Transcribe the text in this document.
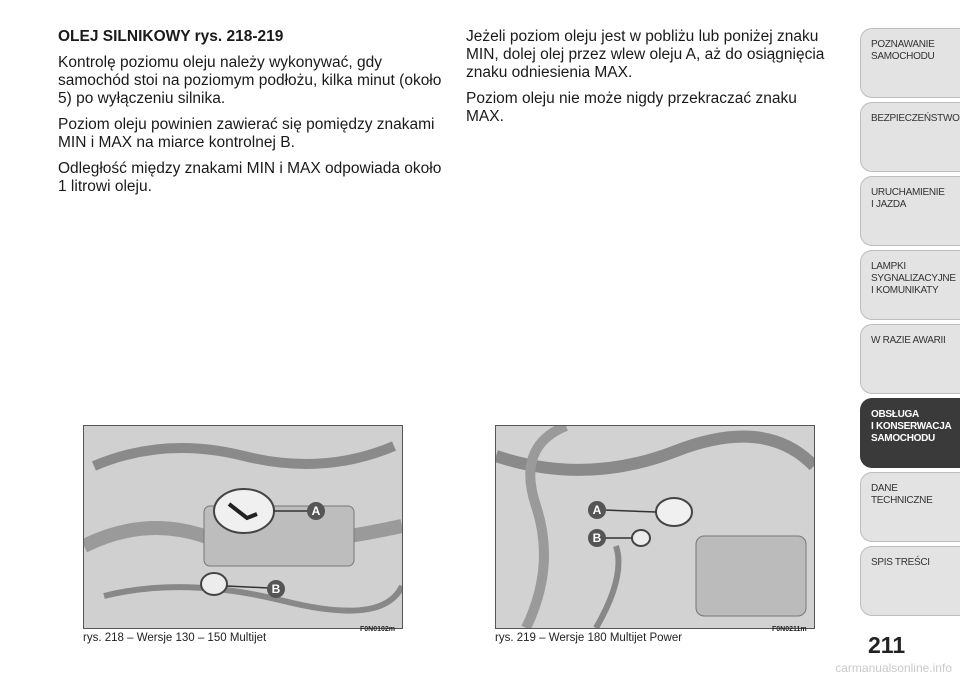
OLEJ SILNIKOWY rys. 218-219

Kontrolę poziomu oleju należy wykonywać, gdy samochód stoi na poziomym podłożu, kilka minut (około 5) po wyłączeniu silnika.

Poziom oleju powinien zawierać się pomiędzy znakami MIN i MAX na miarce kontrolnej B.

Odległość między znakami MIN i MAX odpowiada około 1 litrowi oleju.

Jeżeli poziom oleju jest w pobliżu lub poniżej znaku MIN, dolej olej przez wlew oleju A, aż do osiągnięcia znaku odniesienia MAX.

Poziom oleju nie może nigdy przekraczać znaku MAX.

A
B
rys. 218 – Wersje 130 – 150 Multijet
F0N0102m
A
B
rys. 219 – Wersje 180 Multijet Power
F0N0211m
POZNAWANIE
SAMOCHODU
BEZPIECZEŃSTWO
URUCHAMIENIE
I JAZDA
LAMPKI
SYGNALIZACYJNE
I KOMUNIKATY
W RAZIE AWARII
OBSŁUGA
I KONSERWACJA
SAMOCHODU
DANE TECHNICZNE
SPIS TREŚCI
211
carmanualsonline.info
